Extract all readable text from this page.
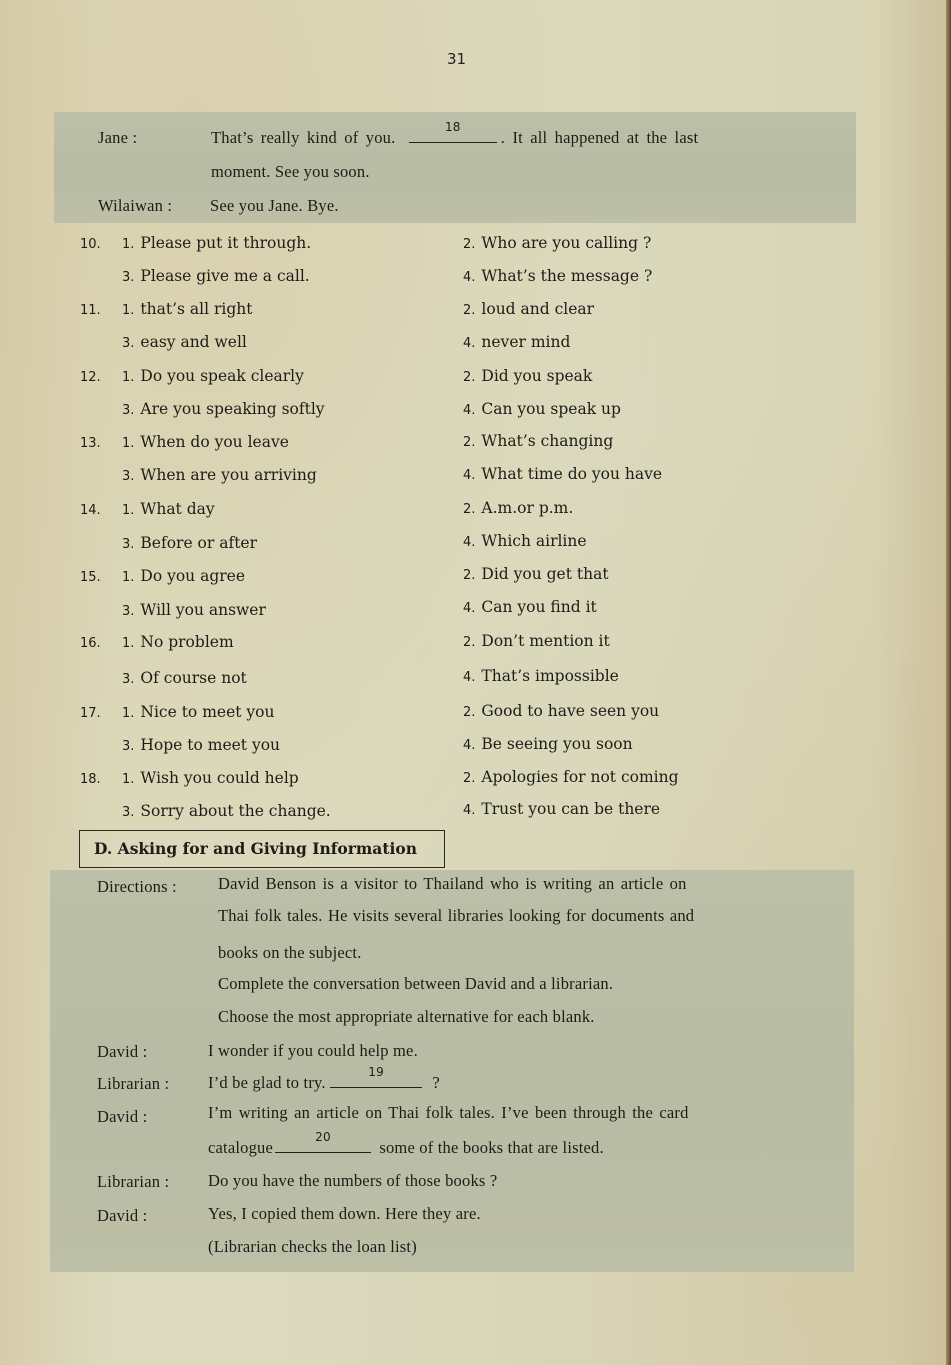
31
Jane :	That’s really kind of you.
18
. It all happened at the last
moment. See you soon.
Wilaiwan : See you Jane. Bye.
10. 1. Please put it through.	2. Who are you calling ?
3. Please give me a call.	4. What’s the message ?
11. 1. that’s all right	2. loud and clear
3. easy and well	4. never mind
12. 1. Do you speak clearly	2. Did you speak
3. Are you speaking softly	4. Can you speak up
13. 1. When do you leave	2. What’s changing
3. When are you arriving	4. What time do you have
14. 1. What day	2. A.m.or p.m.
3. Before or after	4. Which airline
15. 1. Do you agree	2. Did you get that
3. Will you answer	4. Can you find it
16. 1. No problem	2. Don’t mention it
3. Of course not	4. That’s impossible
17. 1. Nice to meet you	2. Good to have seen you
3. Hope to meet you	4. Be seeing you soon
18. 1. Wish you could help	2. Apologies for not coming
3. Sorry about the change.	4. Trust you can be there
D. Asking for and Giving Information
Directions : David Benson is a visitor to Thailand who is writing an article on
Thai folk tales. He visits several libraries looking for documents and
books on the subject.
Complete the conversation between David and a librarian.
Choose the most appropriate alternative for each blank.
David :	I wonder if you could help me.
Librarian : I’d be glad to try.
19
?
David :	I’m writing an article on Thai folk tales. I’ve been through the card
catalogue
20
some of the books that are listed.
Librarian : Do you have the numbers of those books ?
David :	Yes, I copied them down. Here they are.
(Librarian checks the loan list)
